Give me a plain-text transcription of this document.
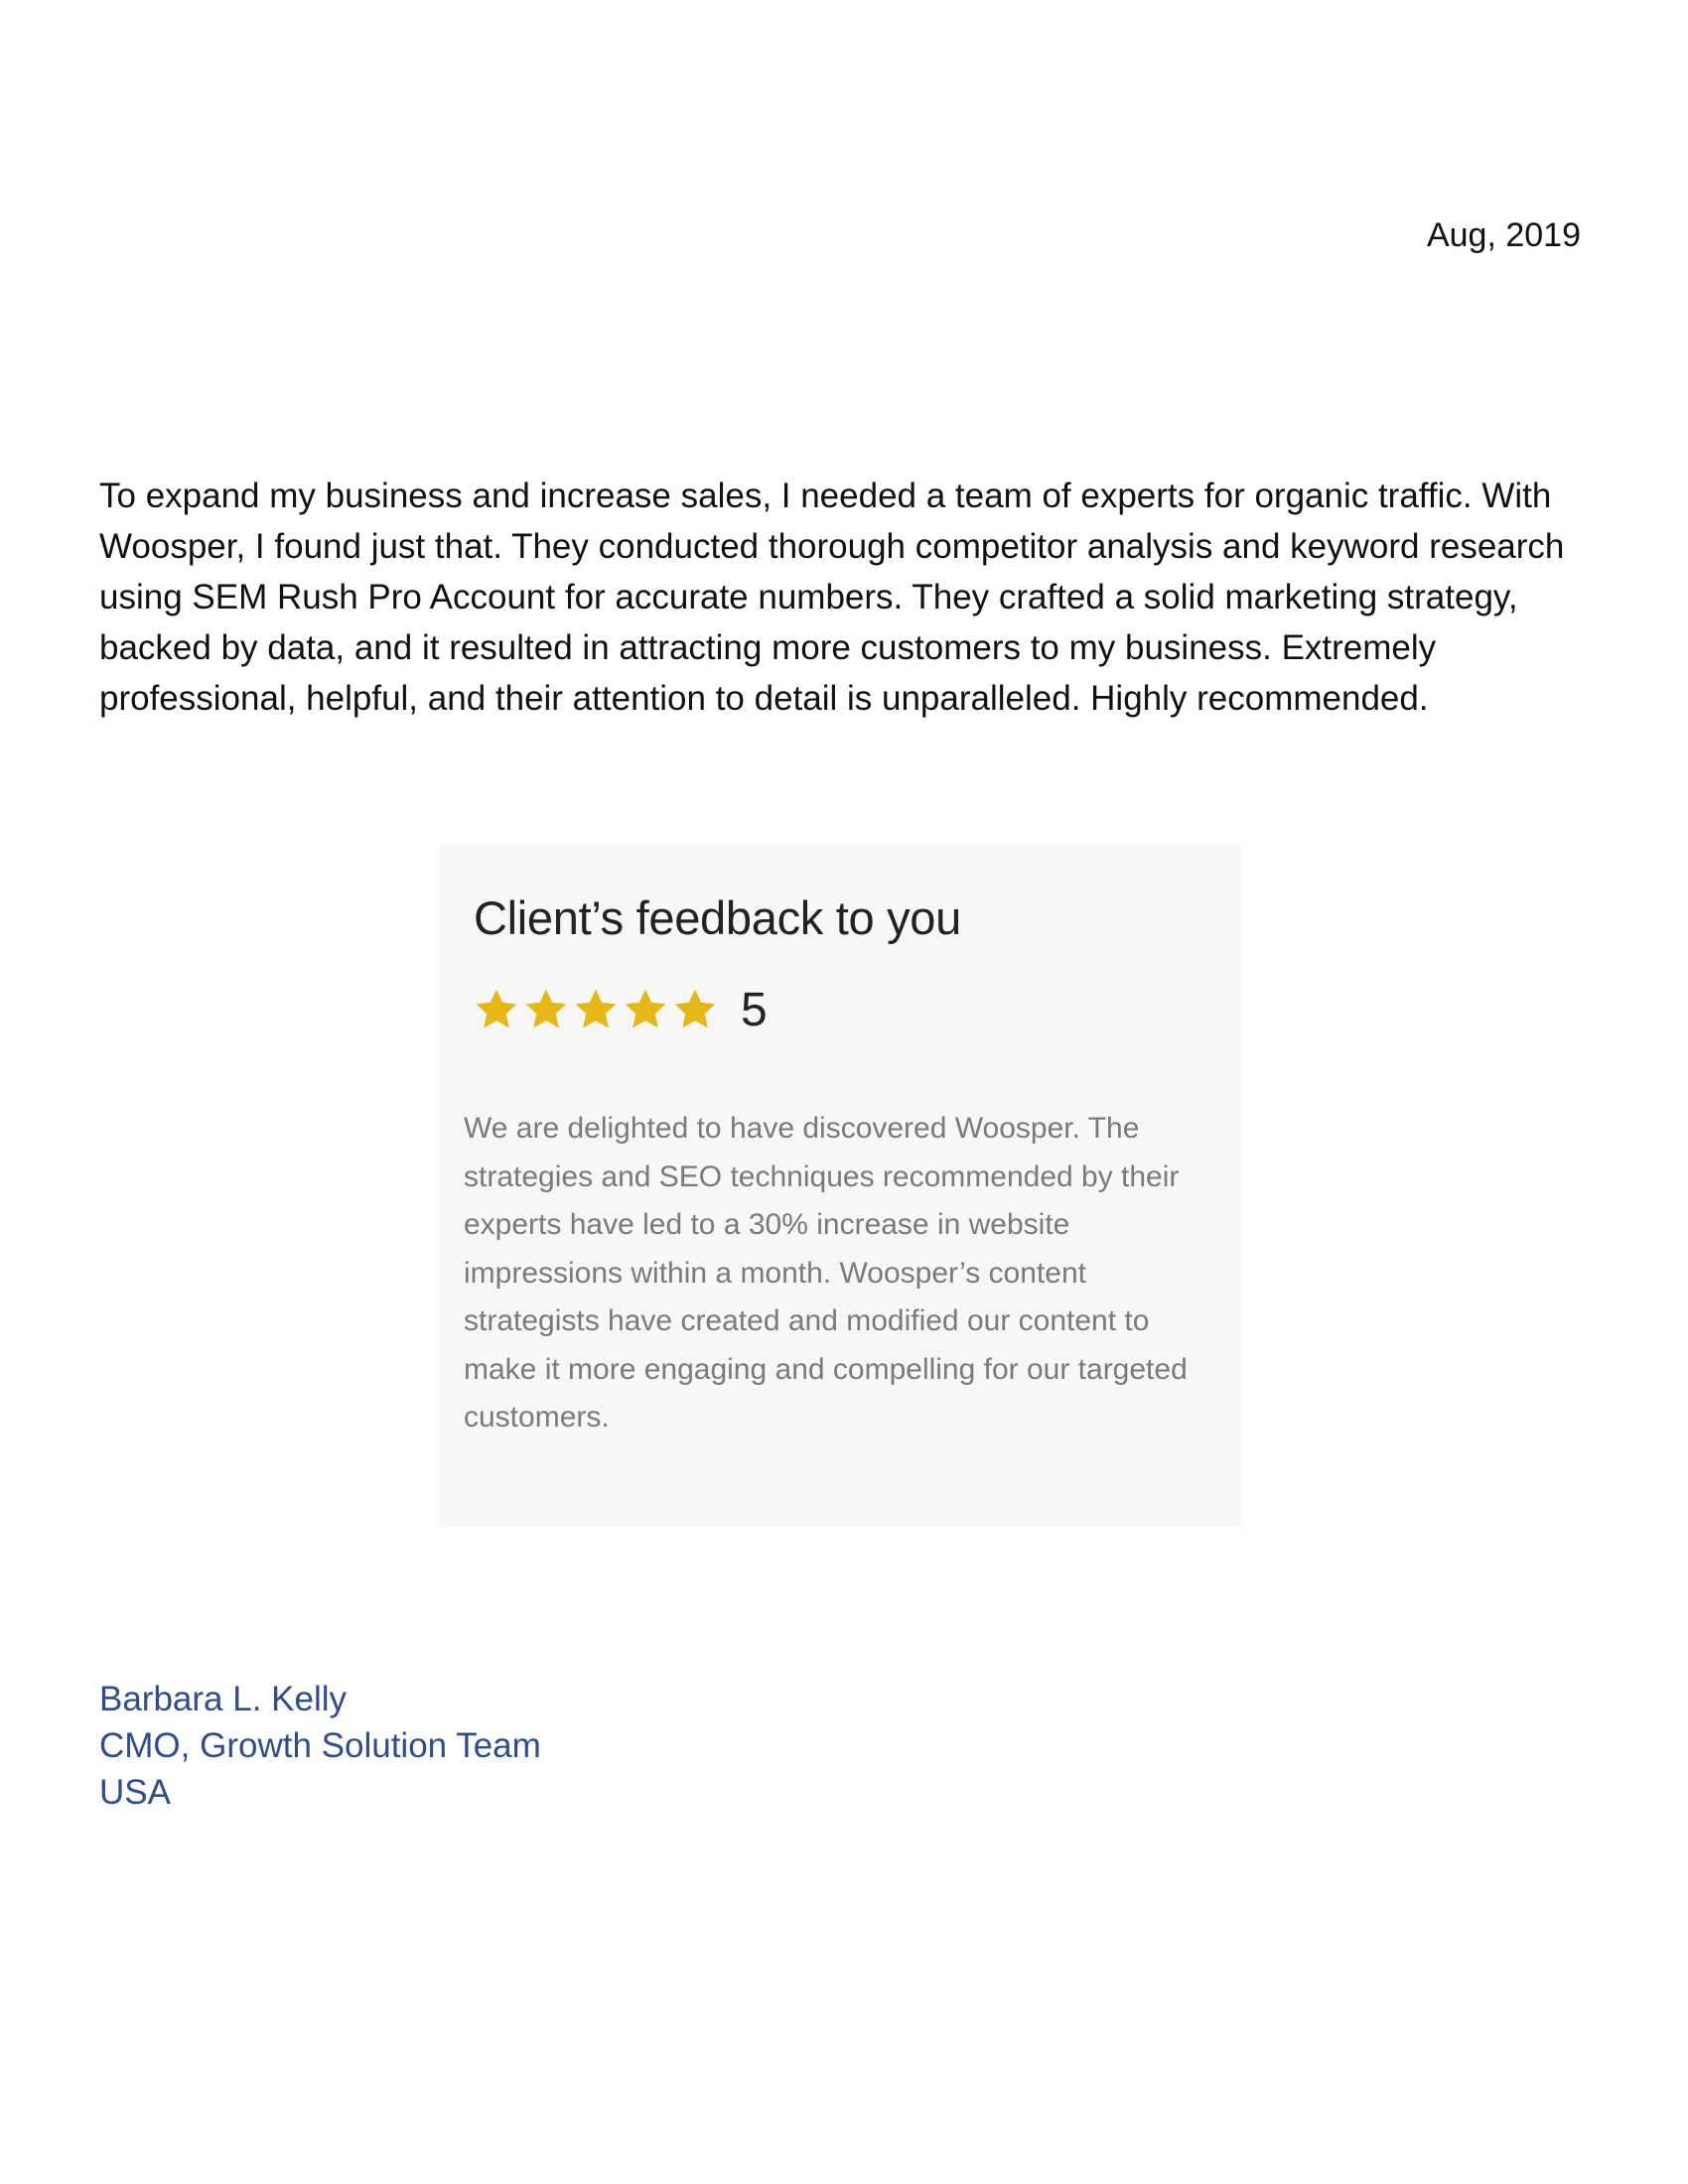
Aug, 2019

To expand my business and increase sales, I needed a team of experts for organic traffic. With Woosper, I found just that. They conducted thorough competitor analysis and keyword research using SEM Rush Pro Account for accurate numbers. They crafted a solid marketing strategy, backed by data, and it resulted in attracting more customers to my business. Extremely professional, helpful, and their attention to detail is unparalleled. Highly recommended.

Client’s feedback to you
5

We are delighted to have discovered Woosper. The strategies and SEO techniques recommended by their experts have led to a 30% increase in website impressions within a month. Woosper’s content strategists have created and modified our content to make it more engaging and compelling for our targeted customers.

Barbara L. Kelly
CMO, Growth Solution Team
USA
